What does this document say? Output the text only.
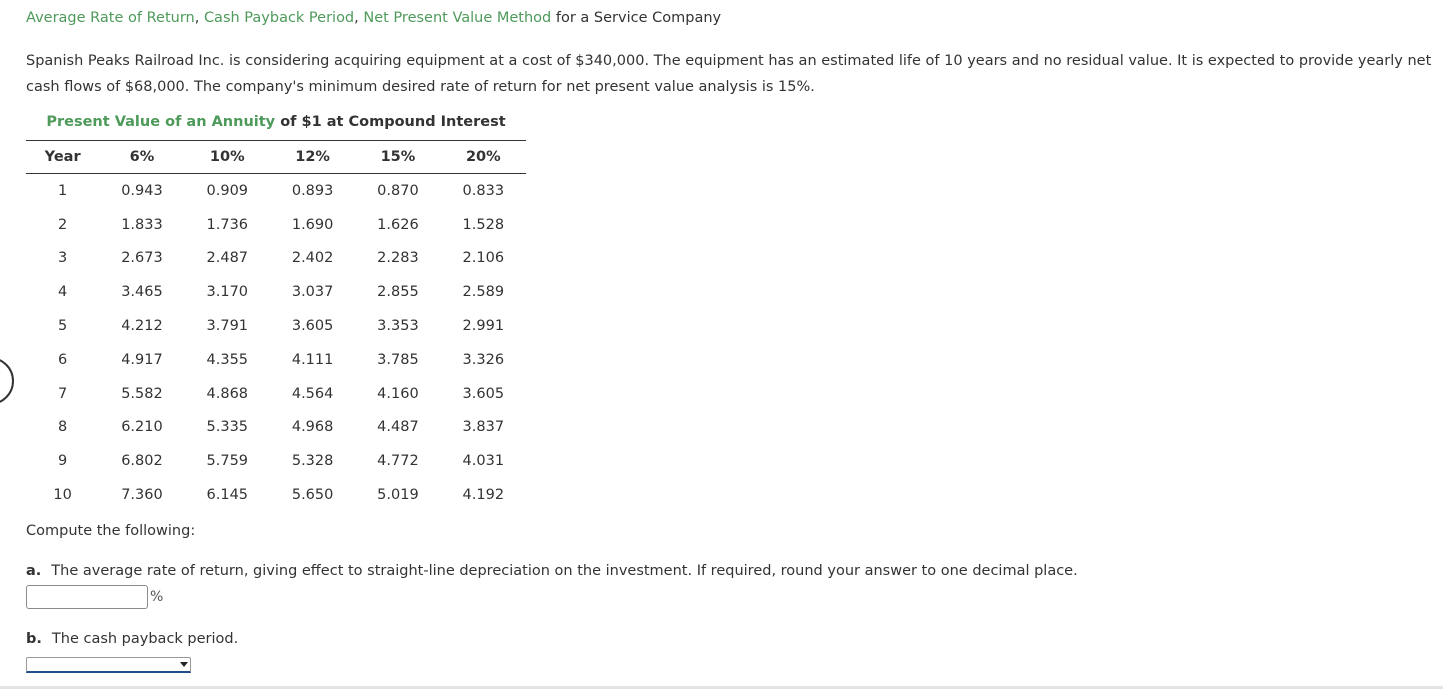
Average Rate of Return, Cash Payback Period, Net Present Value Method for a Service Company
Spanish Peaks Railroad Inc. is considering acquiring equipment at a cost of $340,000. The equipment has an estimated life of 10 years and no residual value. It is expected to provide yearly net cash flows of $68,000. The company's minimum desired rate of return for net present value analysis is 15%.
Present Value of an Annuity of $1 at Compound Interest
Year	6%	10%	12%	15%	20%
1	0.943	0.909	0.893	0.870	0.833
2	1.833	1.736	1.690	1.626	1.528
3	2.673	2.487	2.402	2.283	2.106
4	3.465	3.170	3.037	2.855	2.589
5	4.212	3.791	3.605	3.353	2.991
6	4.917	4.355	4.111	3.785	3.326
7	5.582	4.868	4.564	4.160	3.605
8	6.210	5.335	4.968	4.487	3.837
9	6.802	5.759	5.328	4.772	4.031
10	7.360	6.145	5.650	5.019	4.192
Compute the following:
a. The average rate of return, giving effect to straight-line depreciation on the investment. If required, round your answer to one decimal place.
%
b. The cash payback period.
